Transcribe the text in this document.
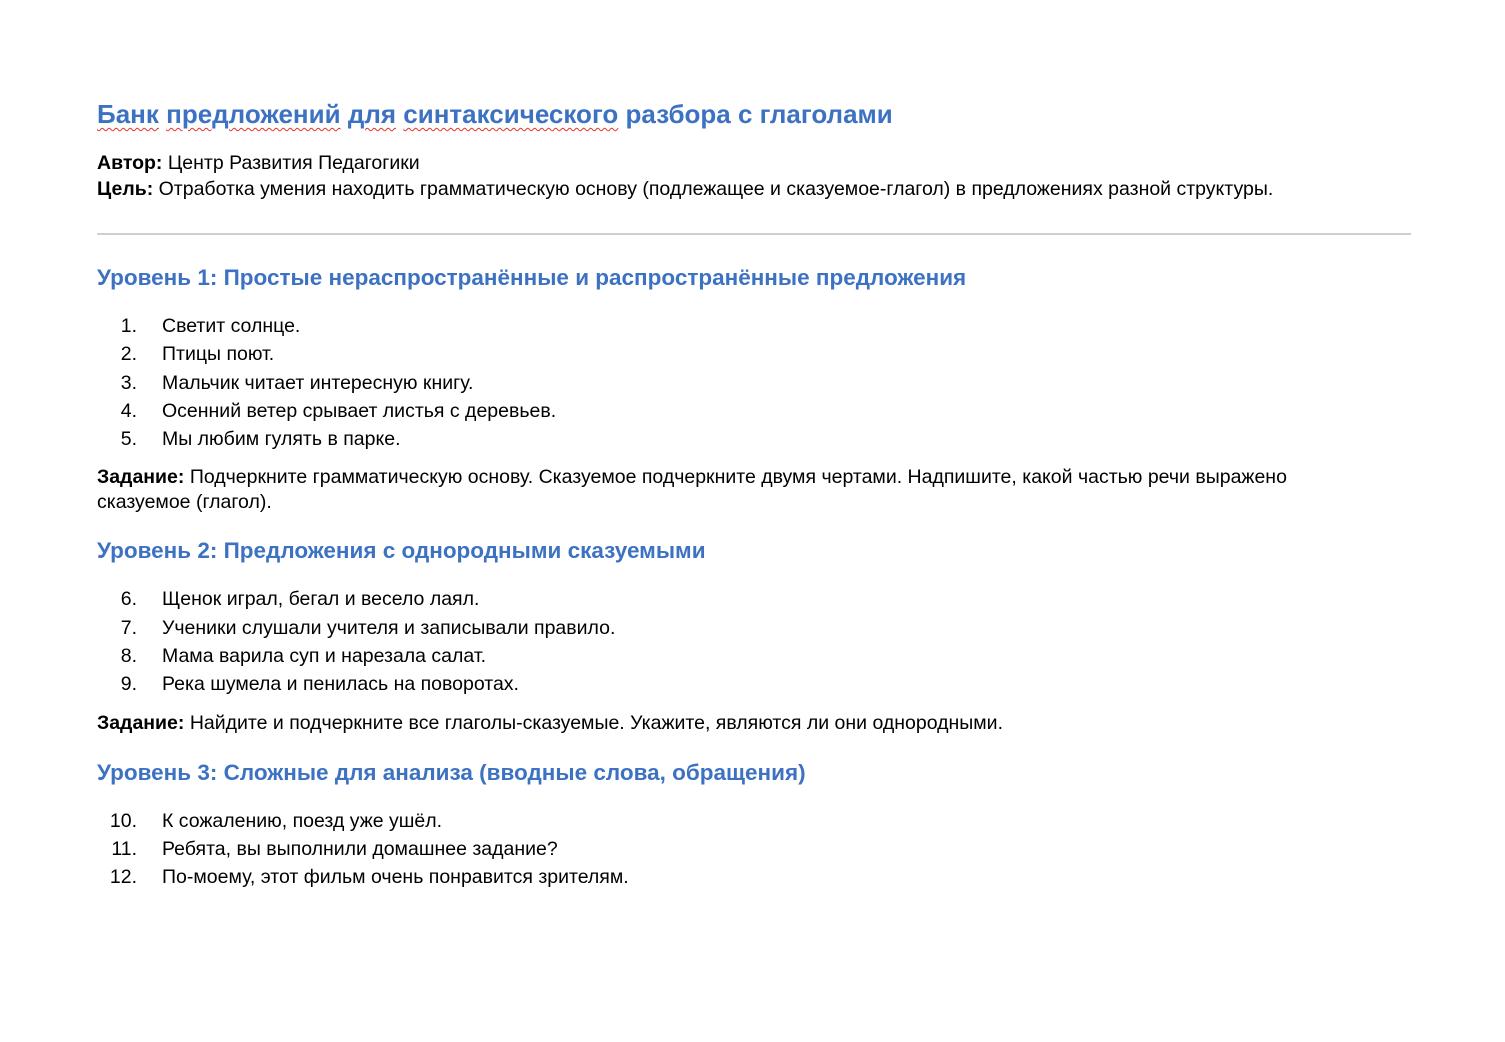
Банк предложений для синтаксического разбора с глаголами
Автор: Центр Развития Педагогики
Цель: Отработка умения находить грамматическую основу (подлежащее и сказуемое-глагол) в предложениях разной структуры.
Уровень 1: Простые нераспространённые и распространённые предложения
1.	Светит солнце.
2.	Птицы поют.
3.	Мальчик читает интересную книгу.
4.	Осенний ветер срывает листья с деревьев.
5.	Мы любим гулять в парке.
Задание: Подчеркните грамматическую основу. Сказуемое подчеркните двумя чертами. Надпишите, какой частью речи выражено сказуемое (глагол).
Уровень 2: Предложения с однородными сказуемыми
6.	Щенок играл, бегал и весело лаял.
7.	Ученики слушали учителя и записывали правило.
8.	Мама варила суп и нарезала салат.
9.	Река шумела и пенилась на поворотах.
Задание: Найдите и подчеркните все глаголы-сказуемые. Укажите, являются ли они однородными.
Уровень 3: Сложные для анализа (вводные слова, обращения)
10.	К сожалению, поезд уже ушёл.
11.	Ребята, вы выполнили домашнее задание?
12.	По-моему, этот фильм очень понравится зрителям.
